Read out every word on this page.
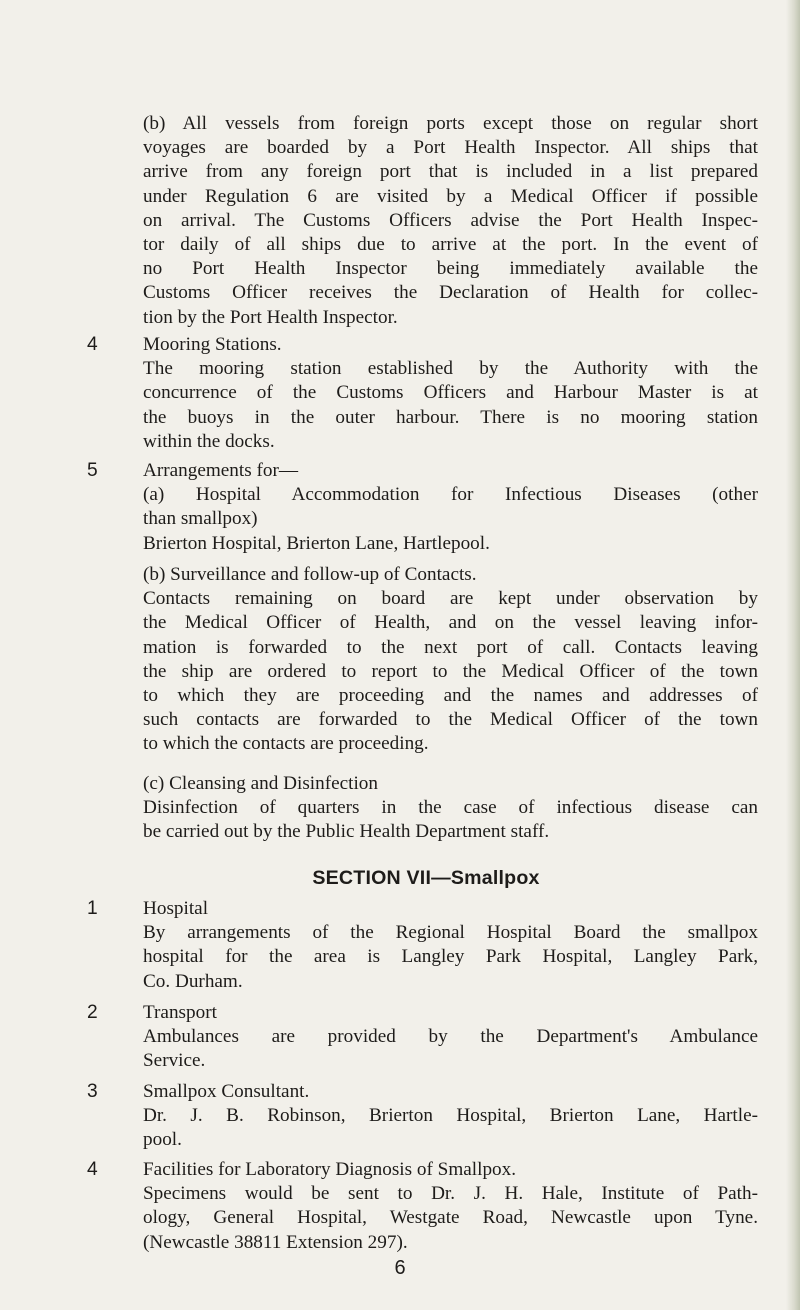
(b) All vessels from foreign ports except those on regular short
voyages are boarded by a Port Health Inspector. All ships that
arrive from any foreign port that is included in a list prepared
under Regulation 6 are visited by a Medical Officer if possible
on arrival. The Customs Officers advise the Port Health Inspec-
tor daily of all ships due to arrive at the port. In the event of
no Port Health Inspector being immediately available the
Customs Officer receives the Declaration of Health for collec-
tion by the Port Health Inspector.
4 Mooring Stations.
The mooring station established by the Authority with the
concurrence of the Customs Officers and Harbour Master is at
the buoys in the outer harbour. There is no mooring station
within the docks.
5 Arrangements for—
(a) Hospital Accommodation for Infectious Diseases (other
than smallpox)
Brierton Hospital, Brierton Lane, Hartlepool.
(b) Surveillance and follow-up of Contacts.
Contacts remaining on board are kept under observation by
the Medical Officer of Health, and on the vessel leaving infor-
mation is forwarded to the next port of call. Contacts leaving
the ship are ordered to report to the Medical Officer of the town
to which they are proceeding and the names and addresses of
such contacts are forwarded to the Medical Officer of the town
to which the contacts are proceeding.
(c) Cleansing and Disinfection
Disinfection of quarters in the case of infectious disease can
be carried out by the Public Health Department staff.
SECTION VII—Smallpox
1 Hospital
By arrangements of the Regional Hospital Board the smallpox
hospital for the area is Langley Park Hospital, Langley Park,
Co. Durham.
2 Transport
Ambulances are provided by the Department's Ambulance
Service.
3 Smallpox Consultant.
Dr. J. B. Robinson, Brierton Hospital, Brierton Lane, Hartle-
pool.
4 Facilities for Laboratory Diagnosis of Smallpox.
Specimens would be sent to Dr. J. H. Hale, Institute of Path-
ology, General Hospital, Westgate Road, Newcastle upon Tyne.
(Newcastle 38811 Extension 297).
6
